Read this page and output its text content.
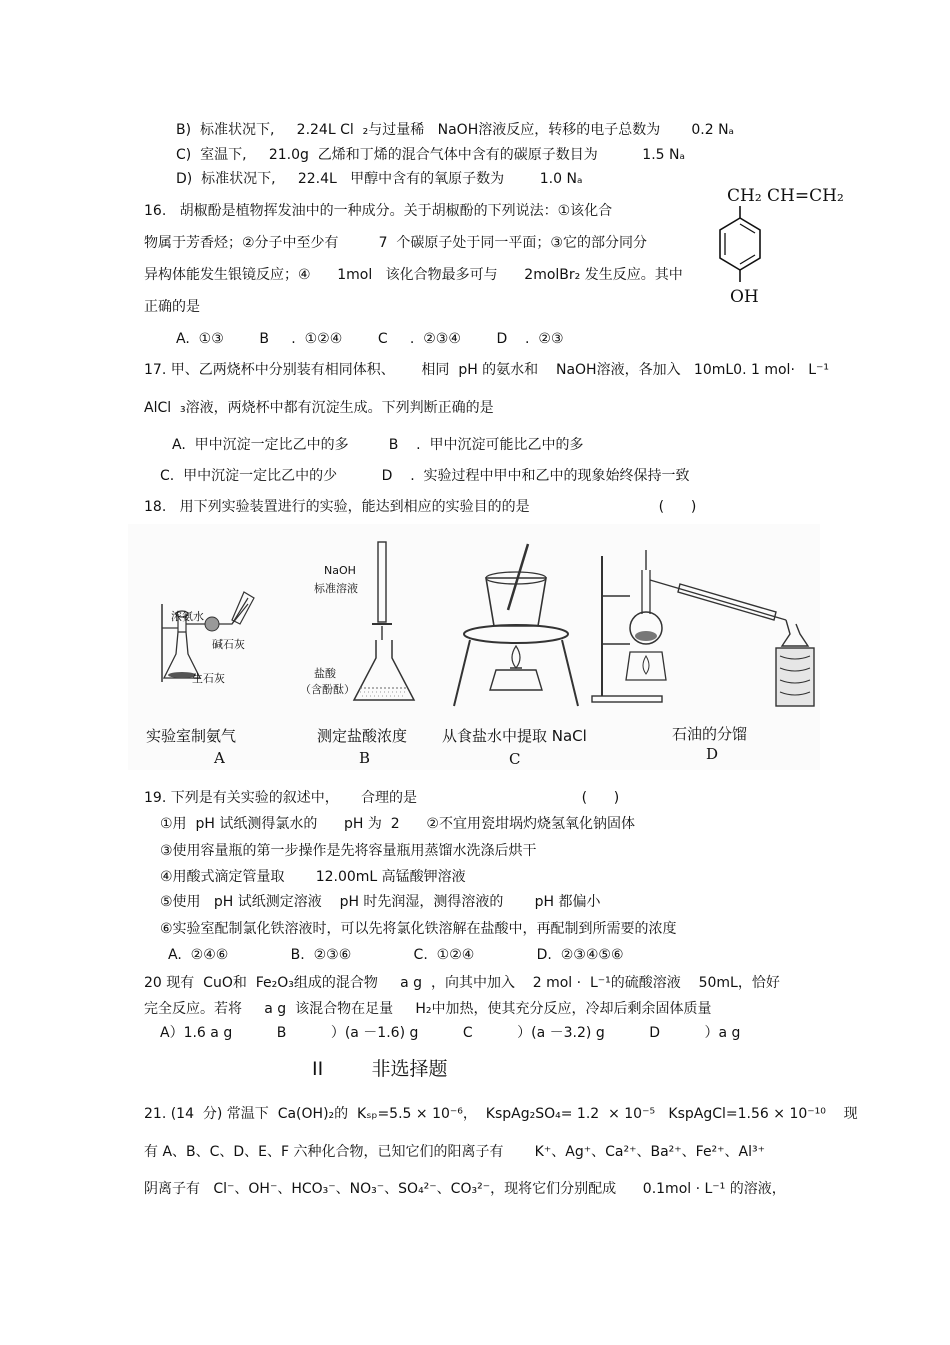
B)  标准状况下,     2.24L Cl  ₂与过量稀   NaOH溶液反应，转移的电子总数为       0.2 Nₐ
C)  室温下,     21.0g  乙烯和丁烯的混合气体中含有的碳原子数目为          1.5 Nₐ
D)  标准状况下,     22.4L   甲醇中含有的氧原子数为        1.0 Nₐ
16.   胡椒酚是植物挥发油中的一种成分。关于胡椒酚的下列说法：①该化合
物属于芳香烃；②分子中至少有         7  个碳原子处于同一平面；③它的部分同分
异构体能发生银镜反应；④      1mol   该化合物最多可与      2molBr₂ 发生反应。其中
正确的是
A.  ①③        B     .  ①②④        C     .  ②③④        D    .  ②③
CH₂ CH=CH₂
OH
17. 甲、乙两烧杯中分别装有相同体积、      相同  pH 的氨水和    NaOH溶液，各加入   10mL0. 1 mol·   L⁻¹
AlCl  ₃溶液，两烧杯中都有沉淀生成。下列判断正确的是
A.  甲中沉淀一定比乙中的多         B    .  甲中沉淀可能比乙中的多
C.  甲中沉淀一定比乙中的少          D    .  实验过程中甲中和乙中的现象始终保持一致
18.   用下列实验装置进行的实验，能达到相应的实验目的的是                             (      )
浓氨水
碱石灰
生石灰
NaOH
标准溶液
盐酸
（含酚酞）
实验室制氨气	测定盐酸浓度 从食盐水中提取 NaCl	石油的分馏
A	B	C	D
19. 下列是有关实验的叙述中，     合理的是                                     (      )
①用  pH 试纸测得氯水的      pH 为  2      ②不宜用瓷坩埚灼烧氢氧化钠固体
③使用容量瓶的第一步操作是先将容量瓶用蒸馏水洗涤后烘干
④用酸式滴定管量取       12.00mL 高锰酸钾溶液
⑤使用   pH 试纸测定溶液    pH 时先润湿，测得溶液的       pH 都偏小
⑥实验室配制氯化铁溶液时，可以先将氯化铁溶解在盐酸中，再配制到所需要的浓度
A.  ②④⑥              B.  ②③⑥              C.  ①②④              D.  ②③④⑤⑥
20 现有  CuO和  Fe₂O₃组成的混合物     a g  ，向其中加入    2 mol ·  L⁻¹的硫酸溶液    50mL，恰好
完全反应。若将     a g  该混合物在足量     H₂中加热，使其充分反应，冷却后剩余固体质量
A）1.6 a g          B          ）(a －1.6) g          C          ）(a －3.2) g          D          ）a g
II        非选择题
21. (14  分) 常温下  Ca(OH)₂的  Kₛₚ=5.5 × 10⁻⁶，  KspAg₂SO₄= 1.2  × 10⁻⁵   KspAgCl=1.56 × 10⁻¹⁰    现
有 A、B、C、D、E、F 六种化合物，已知它们的阳离子有       K⁺、Ag⁺、Ca²⁺、Ba²⁺、Fe²⁺、Al³⁺
阴离子有   Cl⁻、OH⁻、HCO₃⁻、NO₃⁻、SO₄²⁻、CO₃²⁻，现将它们分别配成      0.1mol · L⁻¹ 的溶液，
